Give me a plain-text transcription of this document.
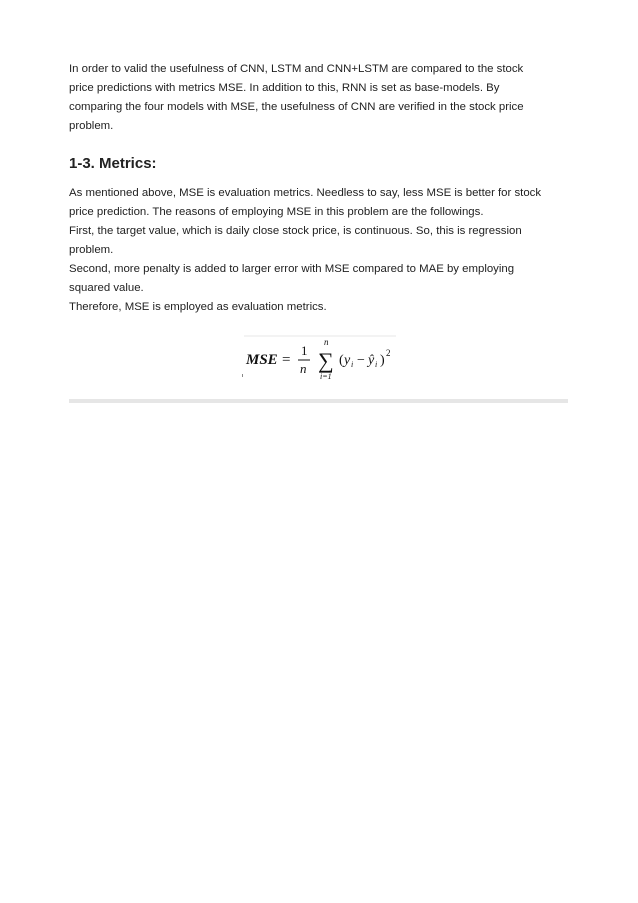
In order to valid the usefulness of CNN, LSTM and CNN+LSTM are compared to the stock
price predictions with metrics MSE. In addition to this, RNN is set as base-models. By
comparing the four models with MSE, the usefulness of CNN are verified in the stock price
problem.

1-3. Metrics:

As mentioned above, MSE is evaluation metrics. Needless to say, less MSE is better for stock
price prediction. The reasons of employing MSE in this problem are the followings.
First, the target value, which is daily close stock price, is continuous. So, this is regression
problem.
Second, more penalty is added to larger error with MSE compared to MAE by employing
squared value.
Therefore, MSE is employed as evaluation metrics.

MSE =
1
n
n
∑
i=1
( y i − ŷ i ) 2
